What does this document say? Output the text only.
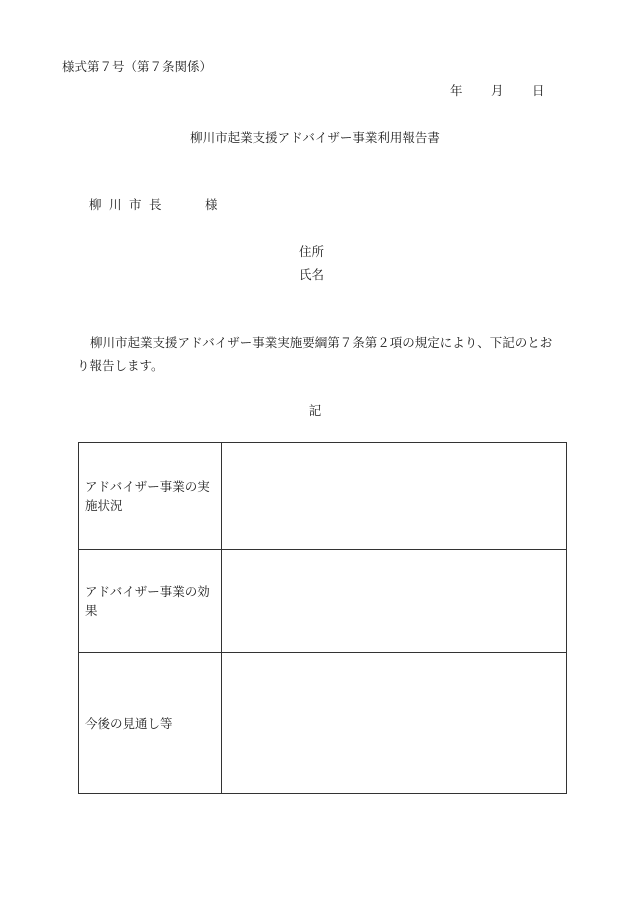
様式第７号（第７条関係）
年 月 日
柳川市起業支援アドバイザー事業利用報告書
柳川市長	様
住所
氏名
柳川市起業支援アドバイザー事業実施要綱第７条第２項の規定により、下記のとおり報告します。
記
アドバイザー事業の実施状況	
アドバイザー事業の効果	
今後の見通し等	
